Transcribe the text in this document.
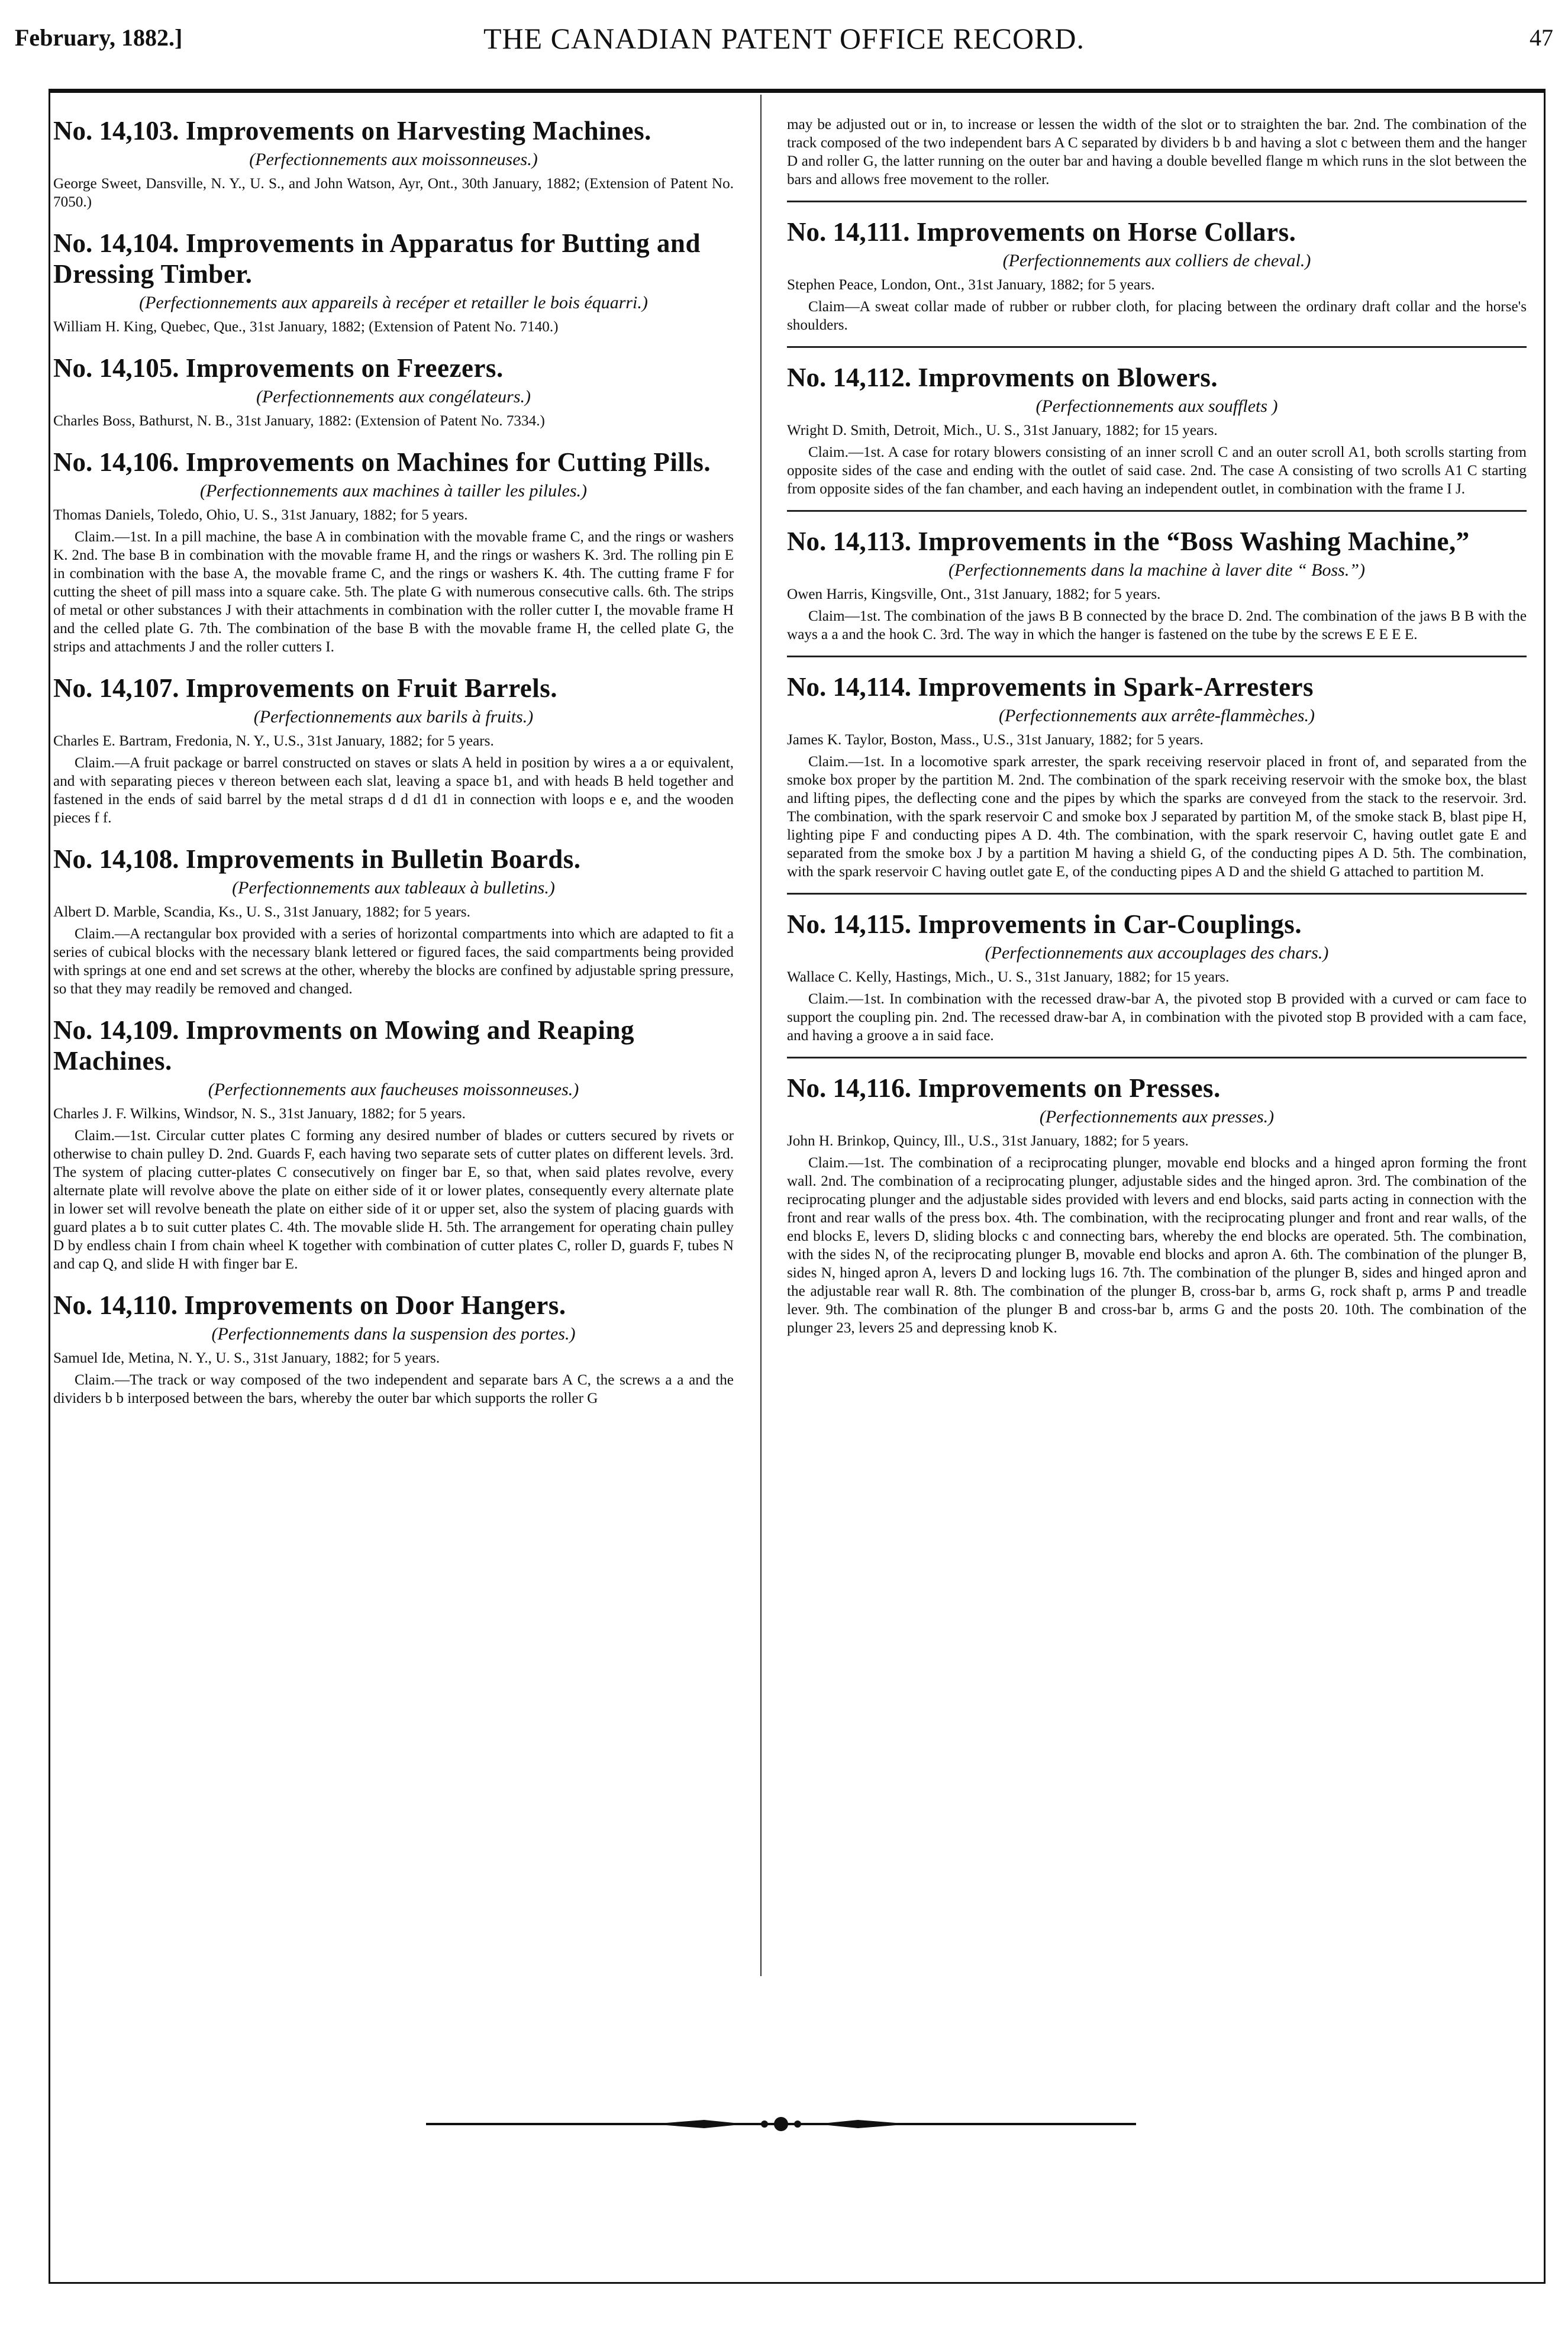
February, 1882.]	THE CANADIAN PATENT OFFICE RECORD.	47
No. 14,103. Improvements on Harvesting Machines.
(Perfectionnements aux moissonneuses.)

George Sweet, Dansville, N. Y., U. S., and John Watson, Ayr, Ont., 30th January, 1882; (Extension of Patent No. 7050.)

No. 14,104. Improvements in Apparatus for Butting and Dressing Timber.
(Perfectionnements aux appareils à recéper et retailler le bois équarri.)

William H. King, Quebec, Que., 31st January, 1882; (Extension of Patent No. 7140.)

No. 14,105. Improvements on Freezers.
(Perfectionnements aux congélateurs.)

Charles Boss, Bathurst, N. B., 31st January, 1882: (Extension of Patent No. 7334.)

No. 14,106. Improvements on Machines for Cutting Pills.
(Perfectionnements aux machines à tailler les pilules.)

Thomas Daniels, Toledo, Ohio, U. S., 31st January, 1882; for 5 years.

Claim.—1st. In a pill machine, the base A in combination with the movable frame C, and the rings or washers K. 2nd. The base B in combination with the movable frame H, and the rings or washers K. 3rd. The rolling pin E in combination with the base A, the movable frame C, and the rings or washers K. 4th. The cutting frame F for cutting the sheet of pill mass into a square cake. 5th. The plate G with numerous consecutive calls. 6th. The strips of metal or other substances J with their attachments in combination with the roller cutter I, the movable frame H and the celled plate G. 7th. The combination of the base B with the movable frame H, the celled plate G, the strips and attachments J and the roller cutters I.

No. 14,107. Improvements on Fruit Barrels.
(Perfectionnements aux barils à fruits.)

Charles E. Bartram, Fredonia, N. Y., U.S., 31st January, 1882; for 5 years.

Claim.—A fruit package or barrel constructed on staves or slats A held in position by wires a a or equivalent, and with separating pieces v thereon between each slat, leaving a space b1, and with heads B held together and fastened in the ends of said barrel by the metal straps d d d1 d1 in connection with loops e e, and the wooden pieces f f.

No. 14,108. Improvements in Bulletin Boards.
(Perfectionnements aux tableaux à bulletins.)

Albert D. Marble, Scandia, Ks., U. S., 31st January, 1882; for 5 years.

Claim.—A rectangular box provided with a series of horizontal compartments into which are adapted to fit a series of cubical blocks with the necessary blank lettered or figured faces, the said compartments being provided with springs at one end and set screws at the other, whereby the blocks are confined by adjustable spring pressure, so that they may readily be removed and changed.

No. 14,109. Improvments on Mowing and Reaping Machines.
(Perfectionnements aux faucheuses moissonneuses.)

Charles J. F. Wilkins, Windsor, N. S., 31st January, 1882; for 5 years.

Claim.—1st. Circular cutter plates C forming any desired number of blades or cutters secured by rivets or otherwise to chain pulley D. 2nd. Guards F, each having two separate sets of cutter plates on different levels. 3rd. The system of placing cutter-plates C consecutively on finger bar E, so that, when said plates revolve, every alternate plate will revolve above the plate on either side of it or lower plates, consequently every alternate plate in lower set will revolve beneath the plate on either side of it or upper set, also the system of placing guards with guard plates a b to suit cutter plates C. 4th. The movable slide H. 5th. The arrangement for operating chain pulley D by endless chain I from chain wheel K together with combination of cutter plates C, roller D, guards F, tubes N and cap Q, and slide H with finger bar E.

No. 14,110. Improvements on Door Hangers.
(Perfectionnements dans la suspension des portes.)

Samuel Ide, Metina, N. Y., U. S., 31st January, 1882; for 5 years.

Claim.—The track or way composed of the two independent and separate bars A C, the screws a a and the dividers b b interposed between the bars, whereby the outer bar which supports the roller G

may be adjusted out or in, to increase or lessen the width of the slot or to straighten the bar. 2nd. The combination of the track composed of the two independent bars A C separated by dividers b b and having a slot c between them and the hanger D and roller G, the latter running on the outer bar and having a double bevelled flange m which runs in the slot between the bars and allows free movement to the roller.

No. 14,111. Improvements on Horse Collars.
(Perfectionnements aux colliers de cheval.)

Stephen Peace, London, Ont., 31st January, 1882; for 5 years.

Claim—A sweat collar made of rubber or rubber cloth, for placing between the ordinary draft collar and the horse's shoulders.

No. 14,112. Improvments on Blowers.
(Perfectionnements aux soufflets )

Wright D. Smith, Detroit, Mich., U. S., 31st January, 1882; for 15 years.

Claim.—1st. A case for rotary blowers consisting of an inner scroll C and an outer scroll A1, both scrolls starting from opposite sides of the case and ending with the outlet of said case. 2nd. The case A consisting of two scrolls A1 C starting from opposite sides of the fan chamber, and each having an independent outlet, in combination with the frame I J.

No. 14,113. Improvements in the “Boss Washing Machine,”
(Perfectionnements dans la machine à laver dite “ Boss.”)

Owen Harris, Kingsville, Ont., 31st January, 1882; for 5 years.

Claim—1st. The combination of the jaws B B connected by the brace D. 2nd. The combination of the jaws B B with the ways a a and the hook C. 3rd. The way in which the hanger is fastened on the tube by the screws E E E E.

No. 14,114. Improvements in Spark-Arresters
(Perfectionnements aux arrête-flammèches.)

James K. Taylor, Boston, Mass., U.S., 31st January, 1882; for 5 years.

Claim.—1st. In a locomotive spark arrester, the spark receiving reservoir placed in front of, and separated from the smoke box proper by the partition M. 2nd. The combination of the spark receiving reservoir with the smoke box, the blast and lifting pipes, the deflecting cone and the pipes by which the sparks are conveyed from the stack to the reservoir. 3rd. The combination, with the spark reservoir C and smoke box J separated by partition M, of the smoke stack B, blast pipe H, lighting pipe F and conducting pipes A D. 4th. The combination, with the spark reservoir C, having outlet gate E and separated from the smoke box J by a partition M having a shield G, of the conducting pipes A D. 5th. The combination, with the spark reservoir C having outlet gate E, of the conducting pipes A D and the shield G attached to partition M.

No. 14,115. Improvements in Car-Couplings.
(Perfectionnements aux accouplages des chars.)

Wallace C. Kelly, Hastings, Mich., U. S., 31st January, 1882; for 15 years.

Claim.—1st. In combination with the recessed draw-bar A, the pivoted stop B provided with a curved or cam face to support the coupling pin. 2nd. The recessed draw-bar A, in combination with the pivoted stop B provided with a cam face, and having a groove a in said face.

No. 14,116. Improvements on Presses.
(Perfectionnements aux presses.)

John H. Brinkop, Quincy, Ill., U.S., 31st January, 1882; for 5 years.

Claim.—1st. The combination of a reciprocating plunger, movable end blocks and a hinged apron forming the front wall. 2nd. The combination of a reciprocating plunger, adjustable sides and the hinged apron. 3rd. The combination of the reciprocating plunger and the adjustable sides provided with levers and end blocks, said parts acting in connection with the front and rear walls of the press box. 4th. The combination, with the reciprocating plunger and front and rear walls, of the end blocks E, levers D, sliding blocks c and connecting bars, whereby the end blocks are operated. 5th. The combination, with the sides N, of the reciprocating plunger B, movable end blocks and apron A. 6th. The combination of the plunger B, sides N, hinged apron A, levers D and locking lugs 16. 7th. The combination of the plunger B, sides and hinged apron and the adjustable rear wall R. 8th. The combination of the plunger B, cross-bar b, arms G, rock shaft p, arms P and treadle lever. 9th. The combination of the plunger B and cross-bar b, arms G and the posts 20. 10th. The combination of the plunger 23, levers 25 and depressing knob K.
